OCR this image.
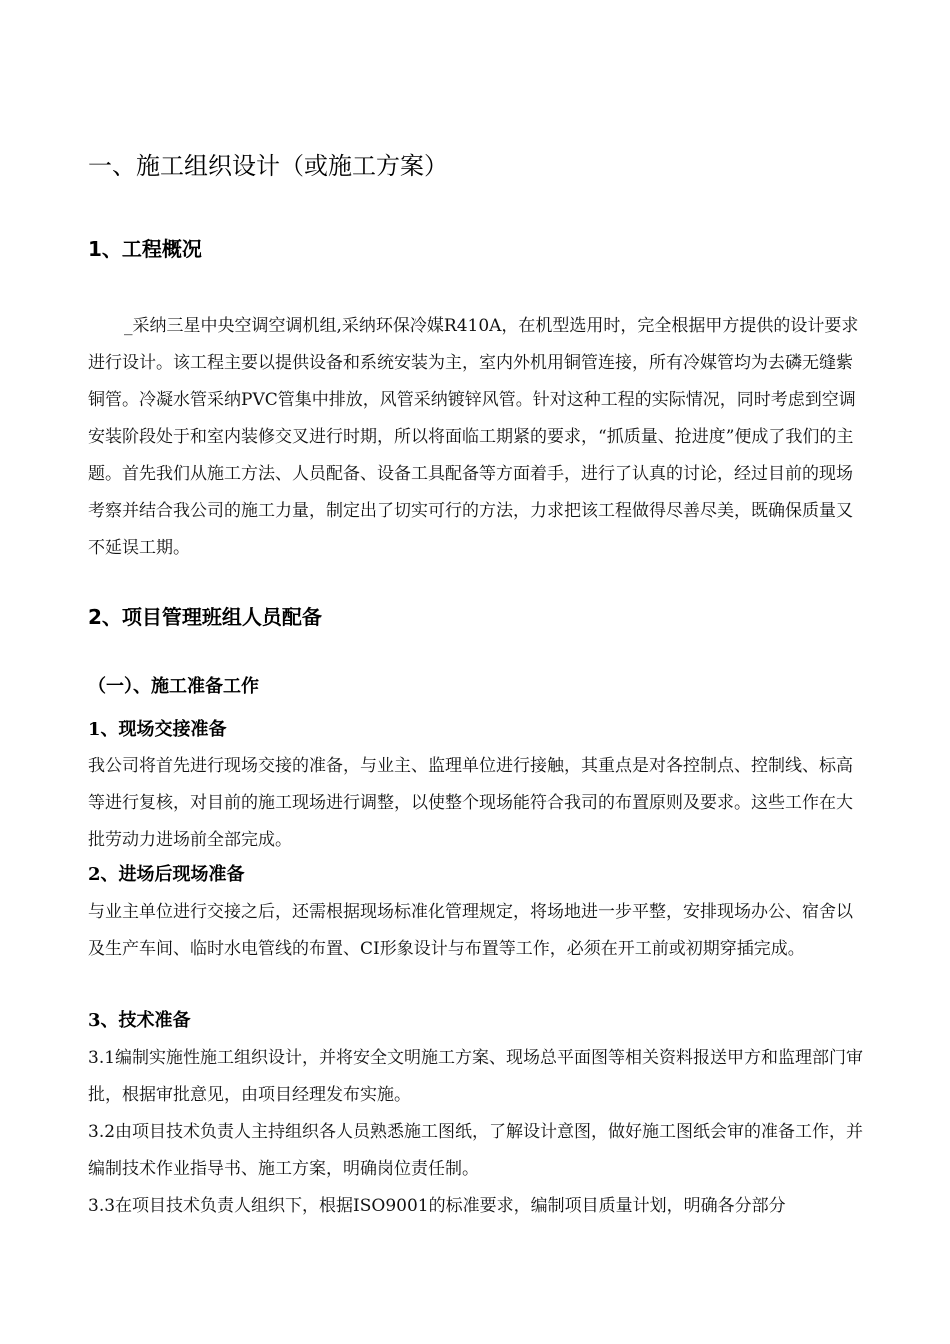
一、施工组织设计（或施工方案）
1、工程概况

_采纳三星中央空调空调机组,采纳环保冷媒R410A，在机型选用时，完全根据甲方提供的设计要求进行设计。该工程主要以提供设备和系统安装为主，室内外机用铜管连接，所有冷媒管均为去磷无缝紫铜管。冷凝水管采纳PVC管集中排放，风管采纳镀锌风管。针对这种工程的实际情况，同时考虑到空调安装阶段处于和室内装修交叉进行时期，所以将面临工期紧的要求，“抓质量、抢进度”便成了我们的主题。首先我们从施工方法、人员配备、设备工具配备等方面着手，进行了认真的讨论，经过目前的现场考察并结合我公司的施工力量，制定出了切实可行的方法，力求把该工程做得尽善尽美，既确保质量又不延误工期。

2、项目管理班组人员配备
（一）、施工准备工作
1、现场交接准备

我公司将首先进行现场交接的准备，与业主、监理单位进行接触，其重点是对各控制点、控制线、标高等进行复核，对目前的施工现场进行调整，以使整个现场能符合我司的布置原则及要求。这些工作在大批劳动力进场前全部完成。

2、进场后现场准备

与业主单位进行交接之后，还需根据现场标准化管理规定，将场地进一步平整，安排现场办公、宿舍以及生产车间、临时水电管线的布置、CI形象设计与布置等工作，必须在开工前或初期穿插完成。

3、技术准备

3.1编制实施性施工组织设计，并将安全文明施工方案、现场总平面图等相关资料报送甲方和监理部门审批，根据审批意见，由项目经理发布实施。

3.2由项目技术负责人主持组织各人员熟悉施工图纸，了解设计意图，做好施工图纸会审的准备工作，并编制技术作业指导书、施工方案，明确岗位责任制。

3.3在项目技术负责人组织下，根据ISO9001的标准要求，编制项目质量计划，明确各分部分
